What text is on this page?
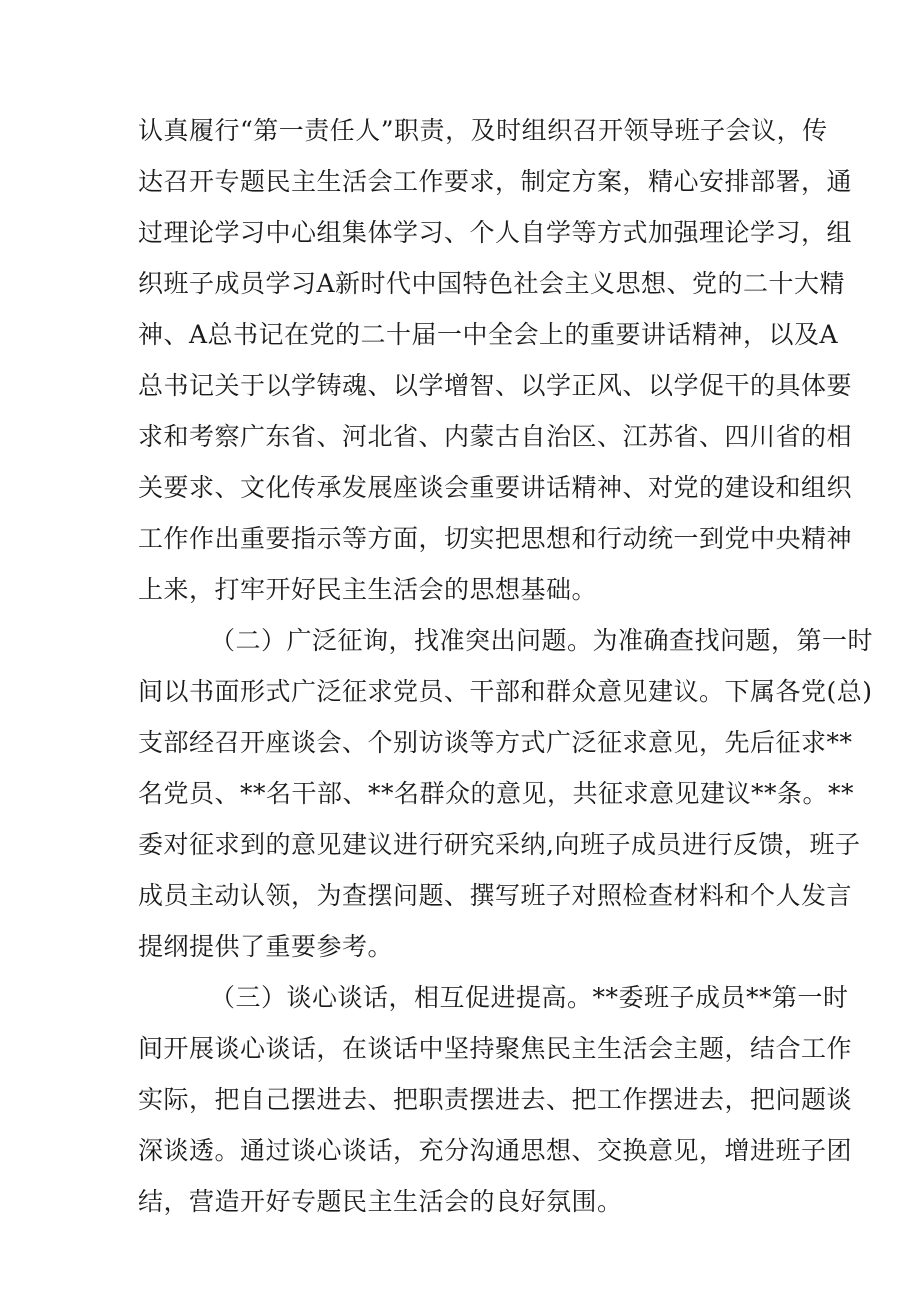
认真履行“第一责任人”职责，及时组织召开领导班子会议，传
达召开专题民主生活会工作要求，制定方案，精心安排部署，通
过理论学习中心组集体学习、个人自学等方式加强理论学习，组
织班子成员学习A新时代中国特色社会主义思想、党的二十大精
神、A总书记在党的二十届一中全会上的重要讲话精神，以及A
总书记关于以学铸魂、以学增智、以学正风、以学促干的具体要
求和考察广东省、河北省、内蒙古自治区、江苏省、四川省的相
关要求、文化传承发展座谈会重要讲话精神、对党的建设和组织
工作作出重要指示等方面，切实把思想和行动统一到党中央精神
上来，打牢开好民主生活会的思想基础。
（二）广泛征询，找准突出问题。为准确查找问题，第一时
间以书面形式广泛征求党员、干部和群众意见建议。下属各党(总)
支部经召开座谈会、个别访谈等方式广泛征求意见，先后征求**
名党员、**名干部、**名群众的意见，共征求意见建议**条。**
委对征求到的意见建议进行研究采纳,向班子成员进行反馈，班子
成员主动认领，为查摆问题、撰写班子对照检查材料和个人发言
提纲提供了重要参考。
（三）谈心谈话，相互促进提高。**委班子成员**第一时
间开展谈心谈话，在谈话中坚持聚焦民主生活会主题，结合工作
实际，把自己摆进去、把职责摆进去、把工作摆进去，把问题谈
深谈透。通过谈心谈话，充分沟通思想、交换意见，增进班子团
结，营造开好专题民主生活会的良好氛围。
